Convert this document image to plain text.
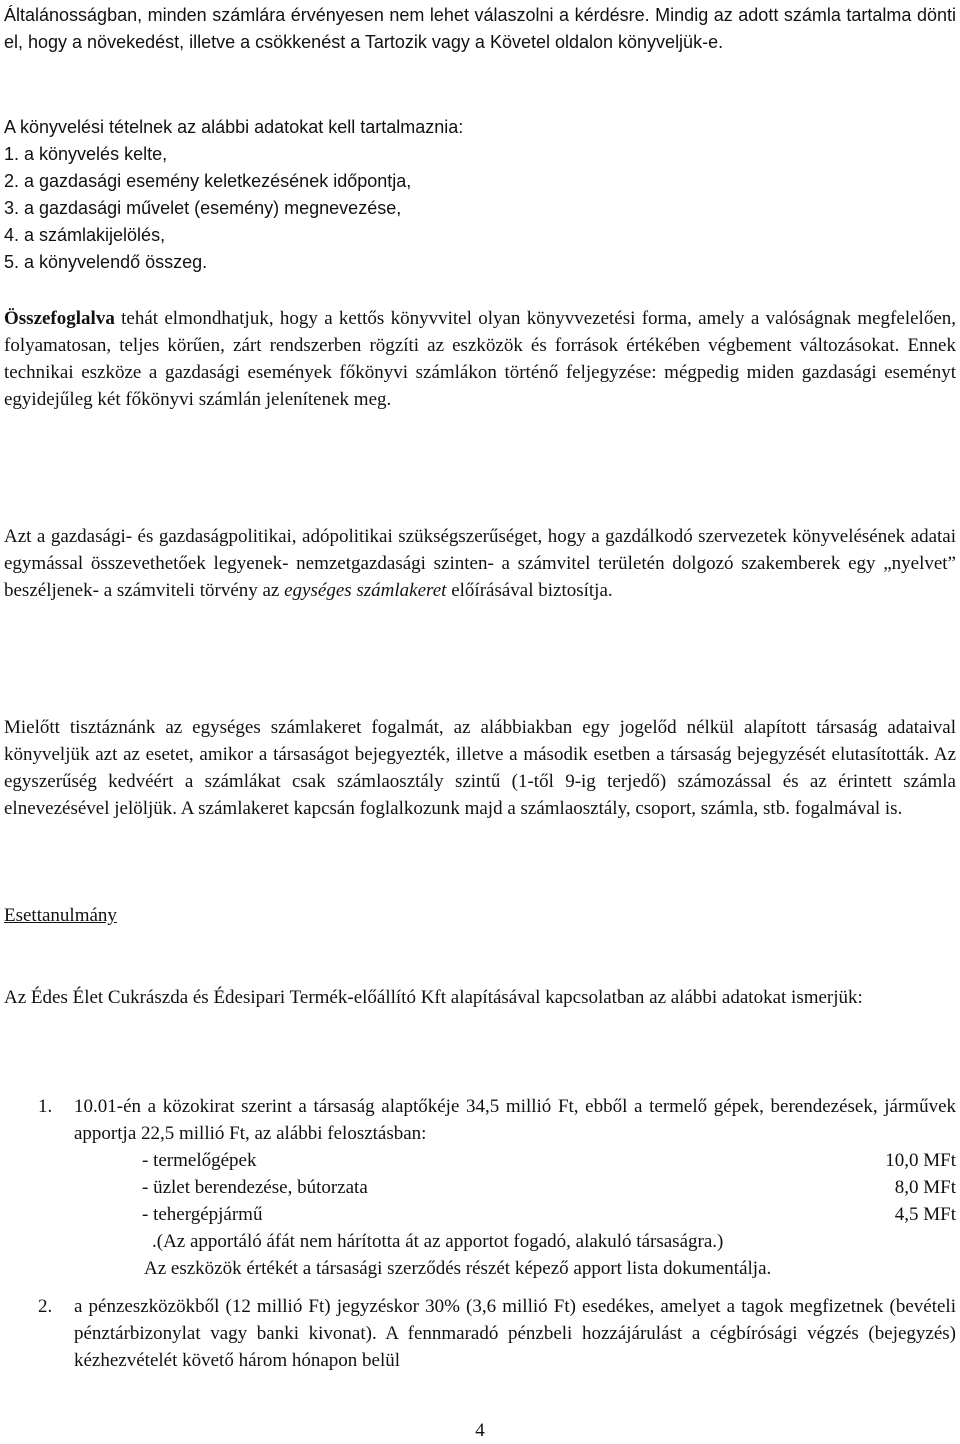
Általánosságban, minden számlára érvényesen nem lehet válaszolni a kérdésre. Mindig az adott számla tartalma dönti el, hogy a növekedést, illetve a csökkenést a Tartozik vagy a Követel oldalon könyveljük-e.

A könyvelési tételnek az alábbi adatokat kell tartalmaznia:

1. a könyvelés kelte,
2. a gazdasági esemény keletkezésének időpontja,
3. a gazdasági művelet (esemény) megnevezése,
4. a számlakijelölés,
5. a könyvelendő összeg.

Összefoglalva tehát elmondhatjuk, hogy a kettős könyvvitel olyan könyvvezetési forma, amely a valóságnak megfelelően, folyamatosan, teljes körűen, zárt rendszerben rögzíti az eszközök és források értékében végbement változásokat. Ennek technikai eszköze a gazdasági események főkönyvi számlákon történő feljegyzése: mégpedig miden gazdasági eseményt egyidejűleg két főkönyvi számlán jelenítenek meg.

Azt a gazdasági- és gazdaságpolitikai, adópolitikai szükségszerűséget, hogy a gazdálkodó szervezetek könyvelésének adatai egymással összevethetőek legyenek- nemzetgazdasági szinten- a számvitel területén dolgozó szakemberek egy „nyelvet” beszéljenek- a számviteli törvény az egységes számlakeret előírásával biztosítja.

Mielőtt tisztáznánk az egységes számlakeret fogalmát, az alábbiakban egy jogelőd nélkül alapított társaság adataival könyveljük azt az esetet, amikor a társaságot bejegyezték, illetve a második esetben a társaság bejegyzését elutasították. Az egyszerűség kedvéért a számlákat csak számlaosztály szintű (1-től 9-ig terjedő) számozással és az érintett számla elnevezésével jelöljük. A számlakeret kapcsán foglalkozunk majd a számlaosztály, csoport, számla, stb. fogalmával is.

Esettanulmány

Az Édes Élet Cukrászda és Édesipari Termék-előállító Kft alapításával kapcsolatban az alábbi adatokat ismerjük:

1. 10.01-én a közokirat szerint a társaság alaptőkéje 34,5 millió Ft, ebből a termelő gépek, berendezések, járművek apportja 22,5 millió Ft, az alábbi felosztásban:

- termelőgépek	10,0 MFt
- üzlet berendezése, bútorzata	8,0 MFt
- tehergépjármű	4,5 MFt
.(Az apportáló áfát nem hárította át az apportot fogadó, alakuló társaságra.)
Az eszközök értékét a társasági szerződés részét képező apport lista dokumentálja.
2. a pénzeszközökből (12 millió Ft) jegyzéskor 30% (3,6 millió Ft) esedékes, amelyet a tagok megfizetnek (bevételi pénztárbizonylat vagy banki kivonat). A fennmaradó pénzbeli hozzájárulást a cégbírósági végzés (bejegyzés) kézhezvételét követő három hónapon belül

4
